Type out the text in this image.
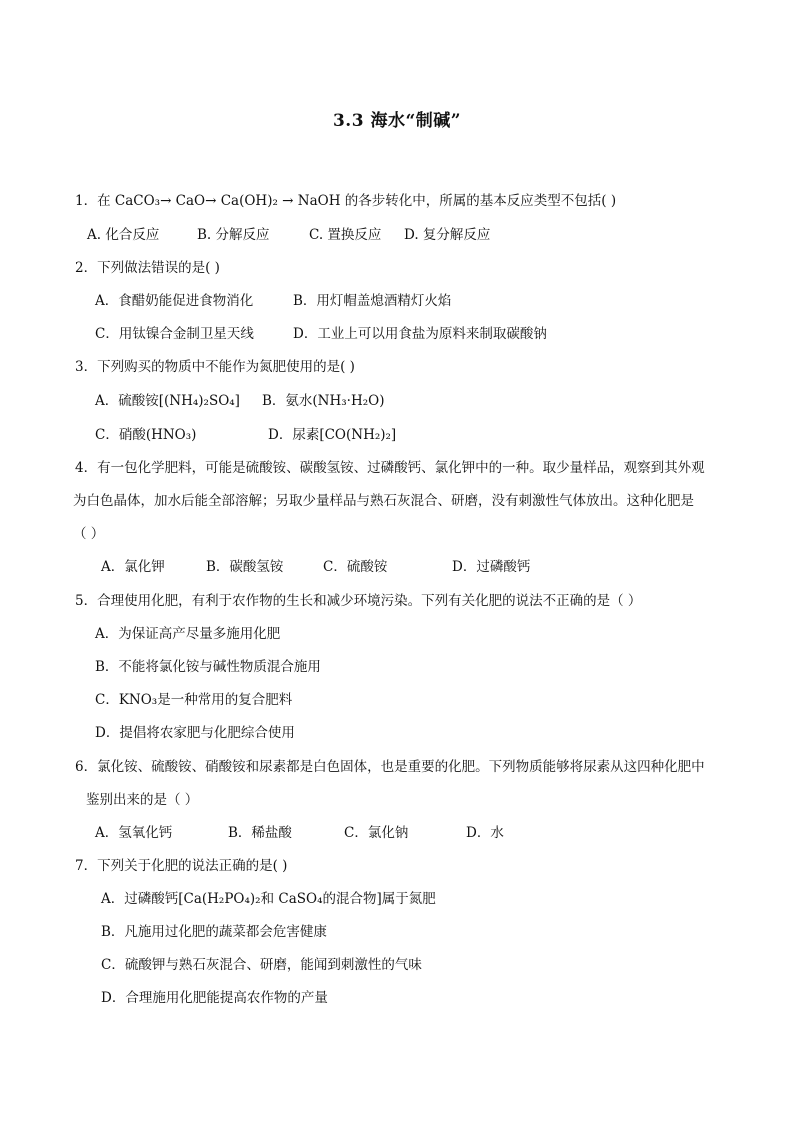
3.3 海水“制碱”
1．在 CaCO₃→ CaO→ Ca(OH)₂ → NaOH 的各步转化中，所属的基本反应类型不包括( )
A. 化合反应	B. 分解反应	C. 置换反应 D. 复分解反应
2．下列做法错误的是( )
A．食醋奶能促进食物消化	B．用灯帽盖熄酒精灯火焰
C．用钛镍合金制卫星天线	D．工业上可以用食盐为原料来制取碳酸钠
3．下列购买的物质中不能作为氮肥使用的是( )
A．硫酸铵[(NH₄)₂SO₄] B．氨水(NH₃·H₂O)
C．硝酸(HNO₃)	D．尿素[CO(NH₂)₂]
4．有一包化学肥料，可能是硫酸铵、碳酸氢铵、过磷酸钙、氯化钾中的一种。取少量样品，观察到其外观
为白色晶体，加水后能全部溶解；另取少量样品与熟石灰混合、研磨，没有刺激性气体放出。这种化肥是
（ ）
A．氯化钾	B．碳酸氢铵	C．硫酸铵	D．过磷酸钙
5．合理使用化肥，有利于农作物的生长和减少环境污染。下列有关化肥的说法不正确的是（ ）
A．为保证高产尽量多施用化肥
B．不能将氯化铵与碱性物质混合施用
C．KNO₃是一种常用的复合肥料
D．提倡将农家肥与化肥综合使用
6．氯化铵、硫酸铵、硝酸铵和尿素都是白色固体，也是重要的化肥。下列物质能够将尿素从这四种化肥中
鉴别出来的是（ ）
A．氢氧化钙	B．稀盐酸	C．氯化钠	D．水
7．下列关于化肥的说法正确的是( )
A．过磷酸钙[Ca(H₂PO₄)₂和 CaSO₄的混合物]属于氮肥
B．凡施用过化肥的蔬菜都会危害健康
C．硫酸钾与熟石灰混合、研磨，能闻到刺激性的气味
D．合理施用化肥能提高农作物的产量
